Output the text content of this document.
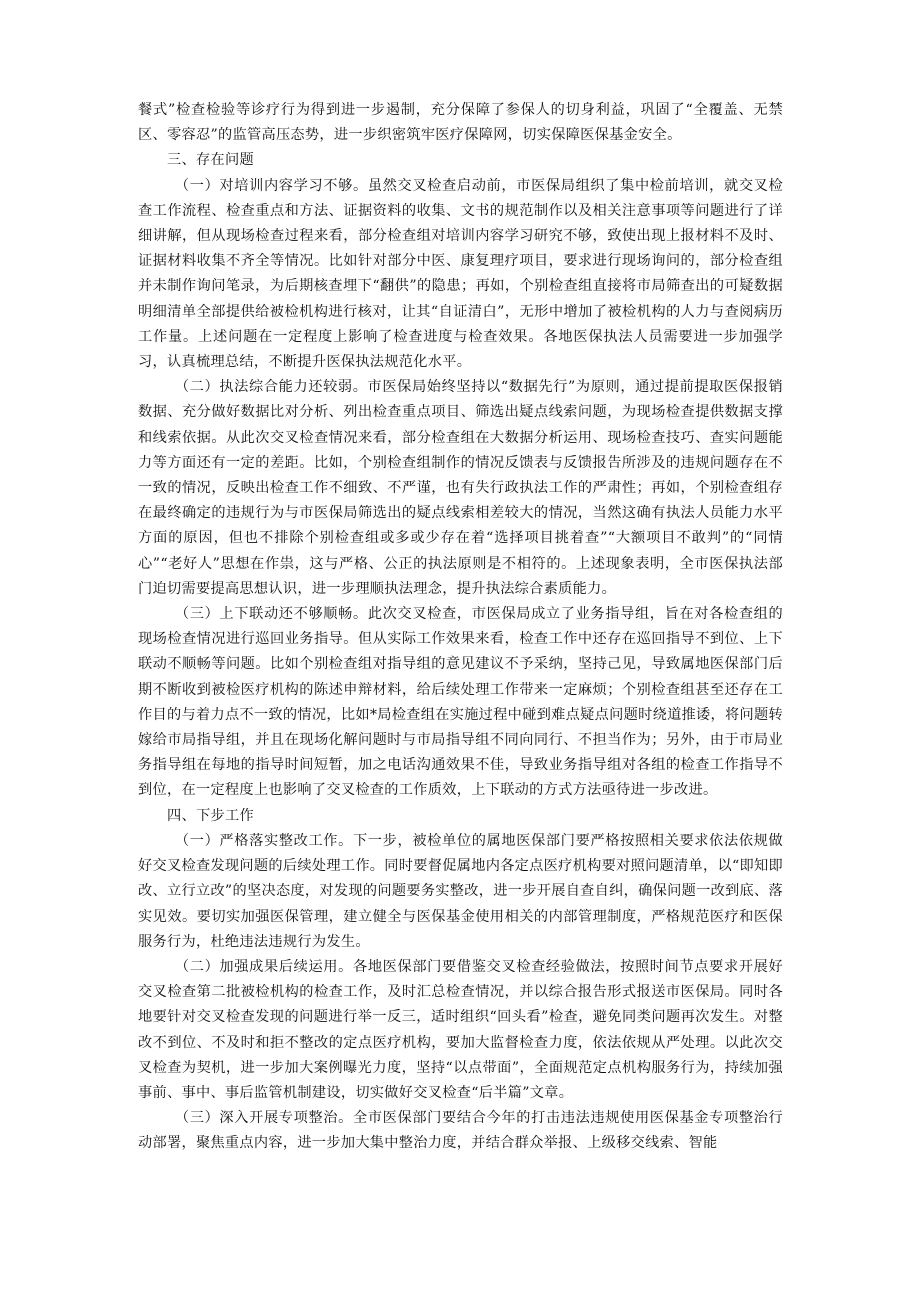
餐式”检查检验等诊疗行为得到进一步遏制，充分保障了参保人的切身利益，巩固了“全覆盖、无禁区、零容忍”的监管高压态势，进一步织密筑牢医疗保障网，切实保障医保基金安全。

三、存在问题

（一）对培训内容学习不够。虽然交叉检查启动前，市医保局组织了集中检前培训，就交叉检查工作流程、检查重点和方法、证据资料的收集、文书的规范制作以及相关注意事项等问题进行了详细讲解，但从现场检查过程来看，部分检查组对培训内容学习研究不够，致使出现上报材料不及时、证据材料收集不齐全等情况。比如针对部分中医、康复理疗项目，要求进行现场询问的，部分检查组并未制作询问笔录，为后期核查埋下“翻供”的隐患；再如，个别检查组直接将市局筛查出的可疑数据明细清单全部提供给被检机构进行核对，让其“自证清白”，无形中增加了被检机构的人力与查阅病历工作量。上述问题在一定程度上影响了检查进度与检查效果。各地医保执法人员需要进一步加强学习，认真梳理总结，不断提升医保执法规范化水平。

（二）执法综合能力还较弱。市医保局始终坚持以“数据先行”为原则，通过提前提取医保报销数据、充分做好数据比对分析、列出检查重点项目、筛选出疑点线索问题，为现场检查提供数据支撑和线索依据。从此次交叉检查情况来看，部分检查组在大数据分析运用、现场检查技巧、查实问题能力等方面还有一定的差距。比如，个别检查组制作的情况反馈表与反馈报告所涉及的违规问题存在不一致的情况，反映出检查工作不细致、不严谨，也有失行政执法工作的严肃性；再如，个别检查组存在最终确定的违规行为与市医保局筛选出的疑点线索相差较大的情况，当然这确有执法人员能力水平方面的原因，但也不排除个别检查组或多或少存在着“选择项目挑着查”“大额项目不敢判”的“同情心”“老好人”思想在作祟，这与严格、公正的执法原则是不相符的。上述现象表明，全市医保执法部门迫切需要提高思想认识，进一步理顺执法理念，提升执法综合素质能力。

（三）上下联动还不够顺畅。此次交叉检查，市医保局成立了业务指导组，旨在对各检查组的现场检查情况进行巡回业务指导。但从实际工作效果来看，检查工作中还存在巡回指导不到位、上下联动不顺畅等问题。比如个别检查组对指导组的意见建议不予采纳，坚持己见，导致属地医保部门后期不断收到被检医疗机构的陈述申辩材料，给后续处理工作带来一定麻烦；个别检查组甚至还存在工作目的与着力点不一致的情况，比如*局检查组在实施过程中碰到难点疑点问题时绕道推诿，将问题转嫁给市局指导组，并且在现场化解问题时与市局指导组不同向同行、不担当作为；另外，由于市局业务指导组在每地的指导时间短暂，加之电话沟通效果不佳，导致业务指导组对各组的检查工作指导不到位，在一定程度上也影响了交叉检查的工作质效，上下联动的方式方法亟待进一步改进。

四、下步工作

（一）严格落实整改工作。下一步，被检单位的属地医保部门要严格按照相关要求依法依规做好交叉检查发现问题的后续处理工作。同时要督促属地内各定点医疗机构要对照问题清单，以“即知即改、立行立改”的坚决态度，对发现的问题要务实整改，进一步开展自查自纠，确保问题一改到底、落实见效。要切实加强医保管理，建立健全与医保基金使用相关的内部管理制度，严格规范医疗和医保服务行为，杜绝违法违规行为发生。

（二）加强成果后续运用。各地医保部门要借鉴交叉检查经验做法，按照时间节点要求开展好交叉检查第二批被检机构的检查工作，及时汇总检查情况，并以综合报告形式报送市医保局。同时各地要针对交叉检查发现的问题进行举一反三，适时组织“回头看”检查，避免同类问题再次发生。对整改不到位、不及时和拒不整改的定点医疗机构，要加大监督检查力度，依法依规从严处理。以此次交叉检查为契机，进一步加大案例曝光力度，坚持“以点带面”，全面规范定点机构服务行为，持续加强事前、事中、事后监管机制建设，切实做好交叉检查“后半篇”文章。

（三）深入开展专项整治。全市医保部门要结合今年的打击违法违规使用医保基金专项整治行动部署，聚焦重点内容，进一步加大集中整治力度，并结合群众举报、上级移交线索、智能
